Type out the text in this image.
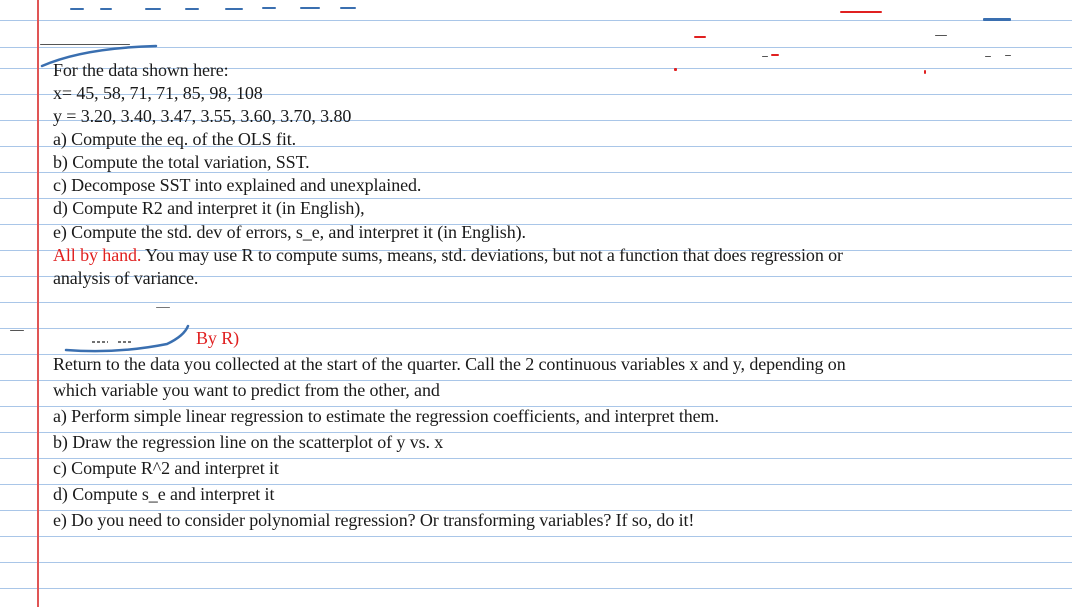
For the data shown here:
x= 45, 58, 71, 71, 85, 98, 108
y = 3.20, 3.40, 3.47, 3.55, 3.60, 3.70, 3.80
a) Compute the eq. of the OLS fit.
b) Compute the total variation, SST.
c) Decompose SST into explained and unexplained.
d) Compute R2 and interpret it (in English),
e) Compute the std. dev of errors, s_e, and interpret it (in English).
All by hand. You may use R to compute sums, means, std. deviations, but not a function that does regression or
analysis of variance.
By R)
Return to the data you collected at the start of the quarter. Call the 2 continuous variables x and y, depending on
which variable you want to predict from the other, and
a) Perform simple linear regression to estimate the regression coefficients, and interpret them.
b) Draw the regression line on the scatterplot of y vs. x
c) Compute R^2 and interpret it
d) Compute s_e and interpret it
e) Do you need to consider polynomial regression? Or transforming variables? If so, do it!
